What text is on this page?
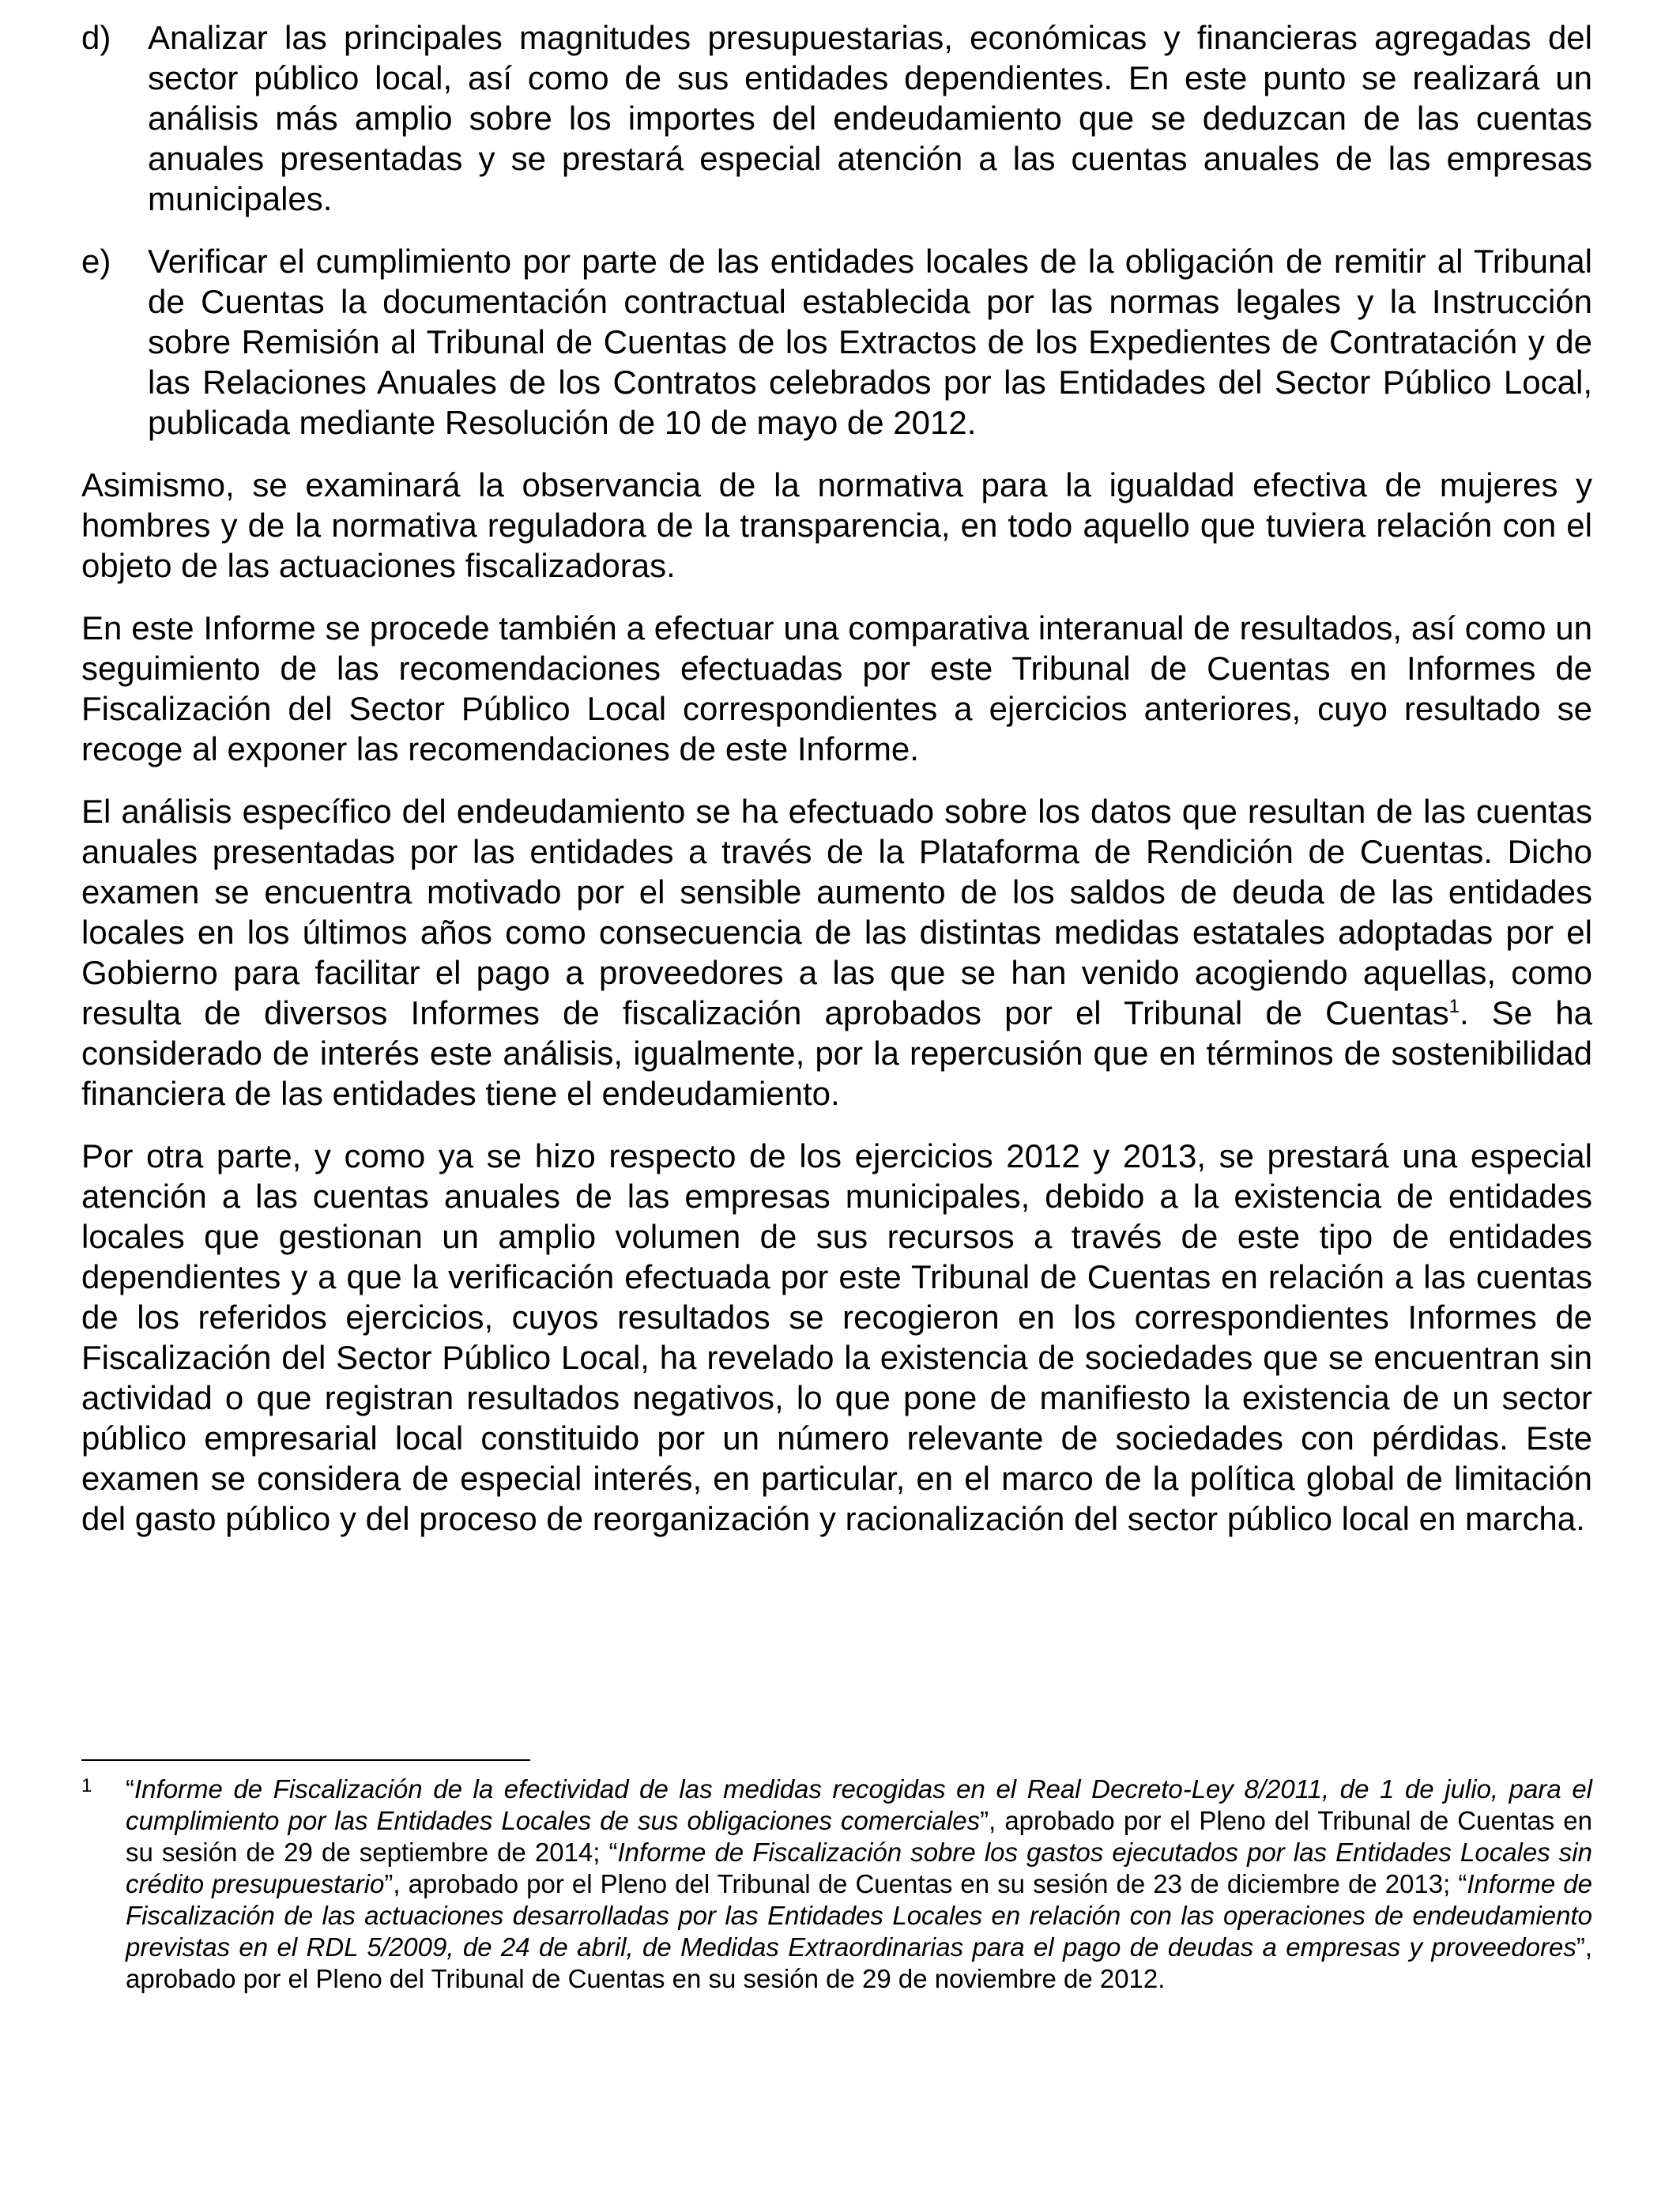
d) Analizar las principales magnitudes presupuestarias, económicas y financieras agregadas del sector público local, así como de sus entidades dependientes. En este punto se realizará un análisis más amplio sobre los importes del endeudamiento que se deduzcan de las cuentas anuales presentadas y se prestará especial atención a las cuentas anuales de las empresas municipales.
e) Verificar el cumplimiento por parte de las entidades locales de la obligación de remitir al Tribunal de Cuentas la documentación contractual establecida por las normas legales y la Instrucción sobre Remisión al Tribunal de Cuentas de los Extractos de los Expedientes de Contratación y de las Relaciones Anuales de los Contratos celebrados por las Entidades del Sector Público Local, publicada mediante Resolución de 10 de mayo de 2012.

Asimismo, se examinará la observancia de la normativa para la igualdad efectiva de mujeres y hombres y de la normativa reguladora de la transparencia, en todo aquello que tuviera relación con el objeto de las actuaciones fiscalizadoras.

En este Informe se procede también a efectuar una comparativa interanual de resultados, así como un seguimiento de las recomendaciones efectuadas por este Tribunal de Cuentas en Informes de Fiscalización del Sector Público Local correspondientes a ejercicios anteriores, cuyo resultado se recoge al exponer las recomendaciones de este Informe.

El análisis específico del endeudamiento se ha efectuado sobre los datos que resultan de las cuentas anuales presentadas por las entidades a través de la Plataforma de Rendición de Cuentas. Dicho examen se encuentra motivado por el sensible aumento de los saldos de deuda de las entidades locales en los últimos años como consecuencia de las distintas medidas estatales adoptadas por el Gobierno para facilitar el pago a proveedores a las que se han venido acogiendo aquellas, como resulta de diversos Informes de fiscalización aprobados por el Tribunal de Cuentas$^1$. Se ha considerado de interés este análisis, igualmente, por la repercusión que en términos de sostenibilidad financiera de las entidades tiene el endeudamiento.

Por otra parte, y como ya se hizo respecto de los ejercicios 2012 y 2013, se prestará una especial atención a las cuentas anuales de las empresas municipales, debido a la existencia de entidades locales que gestionan un amplio volumen de sus recursos a través de este tipo de entidades dependientes y a que la verificación efectuada por este Tribunal de Cuentas en relación a las cuentas de los referidos ejercicios, cuyos resultados se recogieron en los correspondientes Informes de Fiscalización del Sector Público Local, ha revelado la existencia de sociedades que se encuentran sin actividad o que registran resultados negativos, lo que pone de manifiesto la existencia de un sector público empresarial local constituido por un número relevante de sociedades con pérdidas. Este examen se considera de especial interés, en particular, en el marco de la política global de limitación del gasto público y del proceso de reorganización y racionalización del sector público local en marcha.

1	“Informe de Fiscalización de la efectividad de las medidas recogidas en el Real Decreto-Ley 8/2011, de 1 de julio, para el cumplimiento por las Entidades Locales de sus obligaciones comerciales”, aprobado por el Pleno del Tribunal de Cuentas en su sesión de 29 de septiembre de 2014; “Informe de Fiscalización sobre los gastos ejecutados por las Entidades Locales sin crédito presupuestario”, aprobado por el Pleno del Tribunal de Cuentas en su sesión de 23 de diciembre de 2013; “Informe de Fiscalización de las actuaciones desarrolladas por las Entidades Locales en relación con las operaciones de endeudamiento previstas en el RDL 5/2009, de 24 de abril, de Medidas Extraordinarias para el pago de deudas a empresas y proveedores”, aprobado por el Pleno del Tribunal de Cuentas en su sesión de 29 de noviembre de 2012.
